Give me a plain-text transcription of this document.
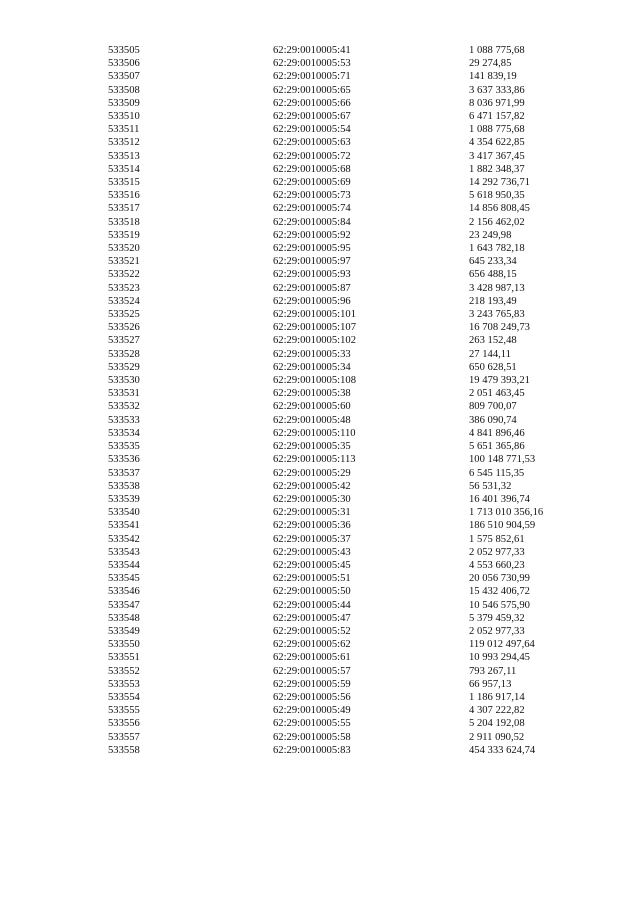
533505	62:29:0010005:41	1 088 775,68
533506	62:29:0010005:53	29 274,85
533507	62:29:0010005:71	141 839,19
533508	62:29:0010005:65	3 637 333,86
533509	62:29:0010005:66	8 036 971,99
533510	62:29:0010005:67	6 471 157,82
533511	62:29:0010005:54	1 088 775,68
533512	62:29:0010005:63	4 354 622,85
533513	62:29:0010005:72	3 417 367,45
533514	62:29:0010005:68	1 882 348,37
533515	62:29:0010005:69	14 292 736,71
533516	62:29:0010005:73	5 618 950,35
533517	62:29:0010005:74	14 856 808,45
533518	62:29:0010005:84	2 156 462,02
533519	62:29:0010005:92	23 249,98
533520	62:29:0010005:95	1 643 782,18
533521	62:29:0010005:97	645 233,34
533522	62:29:0010005:93	656 488,15
533523	62:29:0010005:87	3 428 987,13
533524	62:29:0010005:96	218 193,49
533525	62:29:0010005:101	3 243 765,83
533526	62:29:0010005:107	16 708 249,73
533527	62:29:0010005:102	263 152,48
533528	62:29:0010005:33	27 144,11
533529	62:29:0010005:34	650 628,51
533530	62:29:0010005:108	19 479 393,21
533531	62:29:0010005:38	2 051 463,45
533532	62:29:0010005:60	809 700,07
533533	62:29:0010005:48	386 090,74
533534	62:29:0010005:110	4 841 896,46
533535	62:29:0010005:35	5 651 365,86
533536	62:29:0010005:113	100 148 771,53
533537	62:29:0010005:29	6 545 115,35
533538	62:29:0010005:42	56 531,32
533539	62:29:0010005:30	16 401 396,74
533540	62:29:0010005:31	1 713 010 356,16
533541	62:29:0010005:36	186 510 904,59
533542	62:29:0010005:37	1 575 852,61
533543	62:29:0010005:43	2 052 977,33
533544	62:29:0010005:45	4 553 660,23
533545	62:29:0010005:51	20 056 730,99
533546	62:29:0010005:50	15 432 406,72
533547	62:29:0010005:44	10 546 575,90
533548	62:29:0010005:47	5 379 459,32
533549	62:29:0010005:52	2 052 977,33
533550	62:29:0010005:62	119 012 497,64
533551	62:29:0010005:61	10 993 294,45
533552	62:29:0010005:57	793 267,11
533553	62:29:0010005:59	66 957,13
533554	62:29:0010005:56	1 186 917,14
533555	62:29:0010005:49	4 307 222,82
533556	62:29:0010005:55	5 204 192,08
533557	62:29:0010005:58	2 911 090,52
533558	62:29:0010005:83	454 333 624,74
